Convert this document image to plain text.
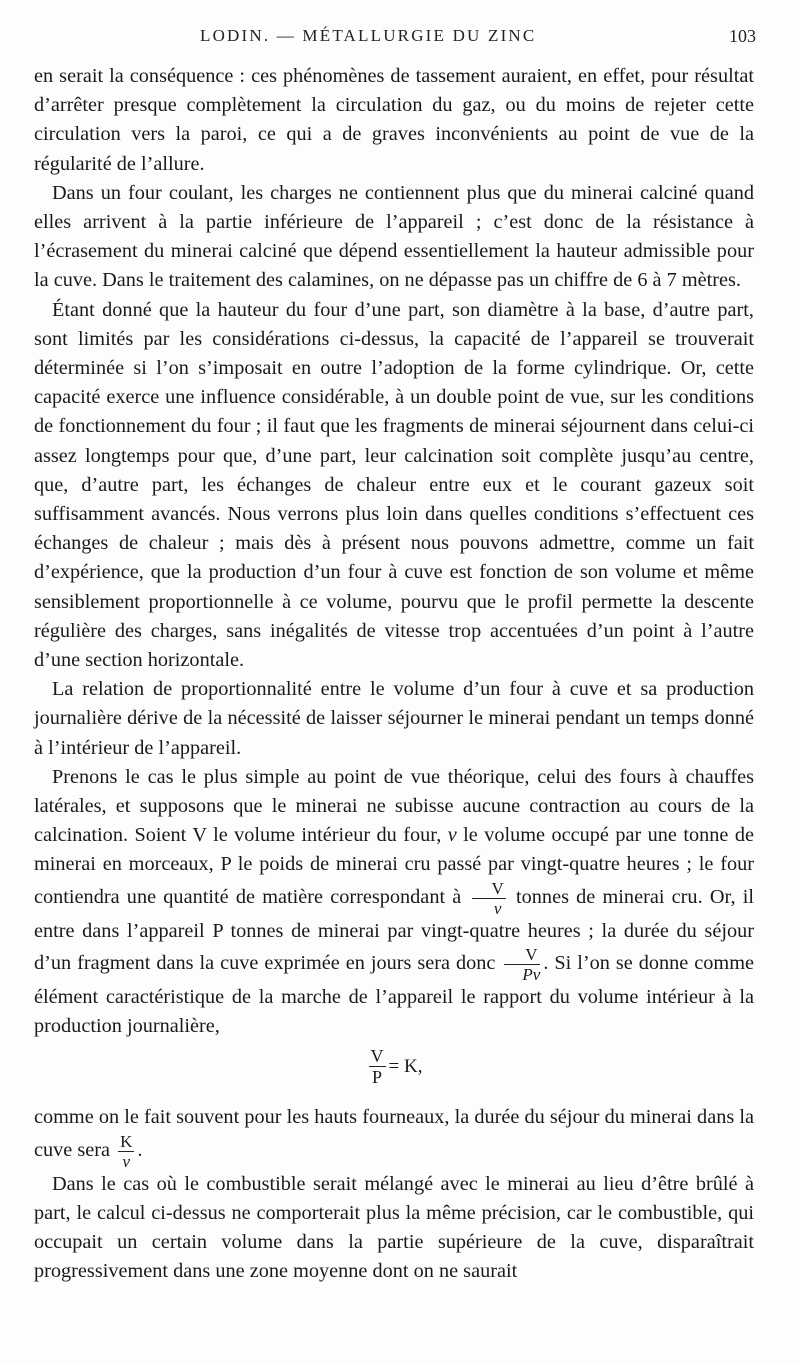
LODIN. — MÉTALLURGIE DU ZINC	103

en serait la conséquence : ces phénomènes de tassement auraient, en effet, pour résultat d’arrêter presque complètement la circulation du gaz, ou du moins de rejeter cette circulation vers la paroi, ce qui a de graves inconvénients au point de vue de la régularité de l’allure.

Dans un four coulant, les charges ne contiennent plus que du minerai calciné quand elles arrivent à la partie inférieure de l’appareil ; c’est donc de la résistance à l’écrasement du minerai calciné que dépend essentiellement la hauteur admissible pour la cuve. Dans le traitement des calamines, on ne dépasse pas un chiffre de 6 à 7 mètres.

Étant donné que la hauteur du four d’une part, son diamètre à la base, d’autre part, sont limités par les considérations ci-dessus, la capacité de l’appareil se trouverait déterminée si l’on s’imposait en outre l’adoption de la forme cylindrique. Or, cette capacité exerce une influence considérable, à un double point de vue, sur les conditions de fonctionnement du four ; il faut que les fragments de minerai séjournent dans celui-ci assez longtemps pour que, d’une part, leur calcination soit complète jusqu’au centre, que, d’autre part, les échanges de chaleur entre eux et le courant gazeux soit suffisamment avancés. Nous verrons plus loin dans quelles conditions s’effectuent ces échanges de chaleur ; mais dès à présent nous pouvons admettre, comme un fait d’expérience, que la production d’un four à cuve est fonction de son volume et même sensiblement proportionnelle à ce volume, pourvu que le profil permette la descente régulière des charges, sans inégalités de vitesse trop accentuées d’un point à l’autre d’une section horizontale.

La relation de proportionnalité entre le volume d’un four à cuve et sa production journalière dérive de la nécessité de laisser séjourner le minerai pendant un temps donné à l’intérieur de l’appareil.

Prenons le cas le plus simple au point de vue théorique, celui des fours à chauffes latérales, et supposons que le minerai ne subisse aucune contraction au cours de la calcination. Soient V le volume intérieur du four, v le volume occupé par une tonne de minerai en morceaux, P le poids de minerai cru passé par vingt-quatre heures ; le four contiendra une quantité de matière correspondant à $\frac{V}{v}$ tonnes de minerai cru. Or, il entre dans l’appareil P tonnes de minerai par vingt-quatre heures ; la durée du séjour d’un fragment dans la cuve exprimée en jours sera donc $\frac{V}{Pv}$ . Si l’on se donne comme élément caractéristique de la marche de l’appareil le rapport du volume intérieur à la production journalière,

$\frac{V}{P} = K$,

comme on le fait souvent pour les hauts fourneaux, la durée du séjour du minerai dans la cuve sera $\frac{K}{v}$ .

Dans le cas où le combustible serait mélangé avec le minerai au lieu d’être brûlé à part, le calcul ci-dessus ne comporterait plus la même précision, car le combustible, qui occupait un certain volume dans la partie supérieure de la cuve, disparaîtrait progressivement dans une zone moyenne dont on ne saurait
